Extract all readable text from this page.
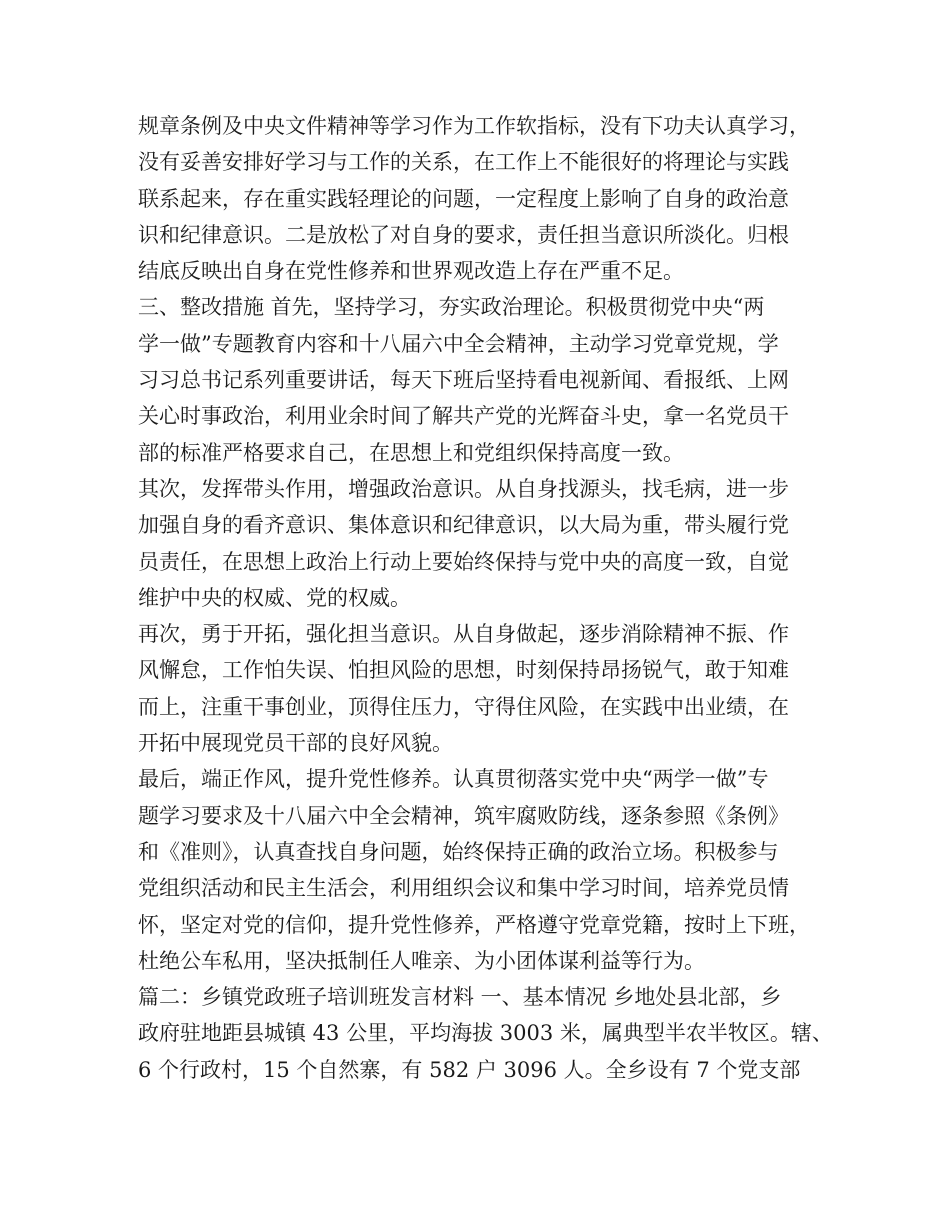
规章条例及中央文件精神等学习作为工作软指标，没有下功夫认真学习，

没有妥善安排好学习与工作的关系，在工作上不能很好的将理论与实践

联系起来，存在重实践轻理论的问题，一定程度上影响了自身的政治意

识和纪律意识。二是放松了对自身的要求，责任担当意识所淡化。归根

结底反映出自身在党性修养和世界观改造上存在严重不足。

三、整改措施 首先，坚持学习，夯实政治理论。积极贯彻党中央“两

学一做”专题教育内容和十八届六中全会精神，主动学习党章党规，学

习习总书记系列重要讲话，每天下班后坚持看电视新闻、看报纸、上网

关心时事政治，利用业余时间了解共产党的光辉奋斗史，拿一名党员干

部的标准严格要求自己，在思想上和党组织保持高度一致。

其次，发挥带头作用，增强政治意识。从自身找源头，找毛病，进一步

加强自身的看齐意识、集体意识和纪律意识，以大局为重，带头履行党

员责任，在思想上政治上行动上要始终保持与党中央的高度一致，自觉

维护中央的权威、党的权威。

再次，勇于开拓，强化担当意识。从自身做起，逐步消除精神不振、作

风懈怠，工作怕失误、怕担风险的思想，时刻保持昂扬锐气，敢于知难

而上，注重干事创业，顶得住压力，守得住风险，在实践中出业绩，在

开拓中展现党员干部的良好风貌。

最后，端正作风，提升党性修养。认真贯彻落实党中央“两学一做”专

题学习要求及十八届六中全会精神，筑牢腐败防线，逐条参照《条例》

和《准则》，认真查找自身问题，始终保持正确的政治立场。积极参与

党组织活动和民主生活会，利用组织会议和集中学习时间，培养党员情

怀，坚定对党的信仰，提升党性修养，严格遵守党章党籍，按时上下班，

杜绝公车私用，坚决抵制任人唯亲、为小团体谋利益等行为。

篇二：乡镇党政班子培训班发言材料 一、基本情况 乡地处县北部，乡

政府驻地距县城镇 43 公里，平均海拔 3003 米，属典型半农半牧区。辖、

6 个行政村，15 个自然寨，有 582 户 3096 人。全乡设有 7 个党支部
